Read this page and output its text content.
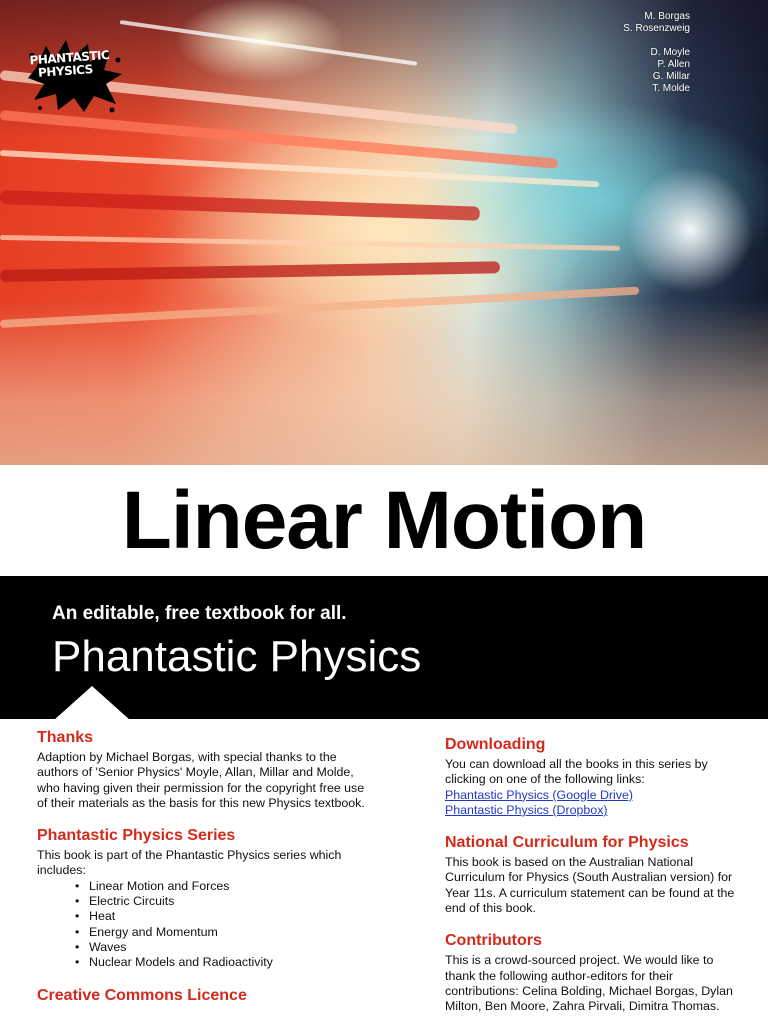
PHANTASTIC PHYSICS
M. Borgas
S. Rosenzweig
D. Moyle
P. Allen
G. Millar
T. Molde
Linear Motion
An editable, free textbook for all.
Phantastic Physics
Thanks

Adaption by Michael Borgas, with special thanks to the authors of 'Senior Physics' Moyle, Allan, Millar and Molde, who having given their permission for the copyright free use of their materials as the basis for this new Physics textbook.

Phantastic Physics Series

This book is part of the Phantastic Physics series which includes:

• Linear Motion and Forces
• Electric Circuits
• Heat
• Energy and Momentum
• Waves
• Nuclear Models and Radioactivity
Creative Commons Licence
Downloading

You can download all the books in this series by clicking on one of the following links:

Phantastic Physics (Google Drive)
Phantastic Physics (Dropbox)
National Curriculum for Physics

This book is based on the Australian National Curriculum for Physics (South Australian version) for Year 11s. A curriculum statement can be found at the end of this book.

Contributors

This is a crowd-sourced project. We would like to thank the following author-editors for their contributions: Celina Bolding, Michael Borgas, Dylan Milton, Ben Moore, Zahra Pirvali, Dimitra Thomas.
